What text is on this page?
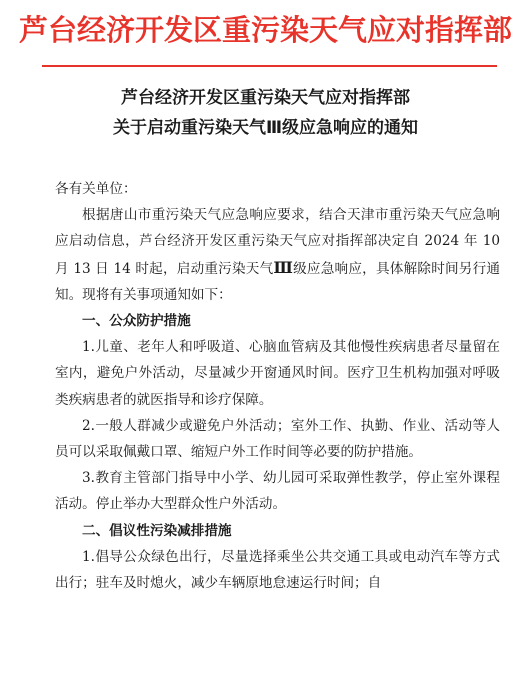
芦台经济开发区重污染天气应对指挥部
芦台经济开发区重污染天气应对指挥部
关于启动重污染天气Ⅲ级应急响应的通知

各有关单位：

根据唐山市重污染天气应急响应要求，结合天津市重污染天气应急响应启动信息，芦台经济开发区重污染天气应对指挥部决定自 2024 年 10 月 13 日 14 时起，启动重污染天气Ⅲ级应急响应，具体解除时间另行通知。现将有关事项通知如下：

一、公众防护措施

1.儿童、老年人和呼吸道、心脑血管病及其他慢性疾病患者尽量留在室内，避免户外活动，尽量减少开窗通风时间。医疗卫生机构加强对呼吸类疾病患者的就医指导和诊疗保障。

2.一般人群减少或避免户外活动；室外工作、执勤、作业、活动等人员可以采取佩戴口罩、缩短户外工作时间等必要的防护措施。

3.教育主管部门指导中小学、幼儿园可采取弹性教学，停止室外课程活动。停止举办大型群众性户外活动。

二、倡议性污染减排措施

1.倡导公众绿色出行，尽量选择乘坐公共交通工具或电动汽车等方式出行；驻车及时熄火，减少车辆原地怠速运行时间；自
